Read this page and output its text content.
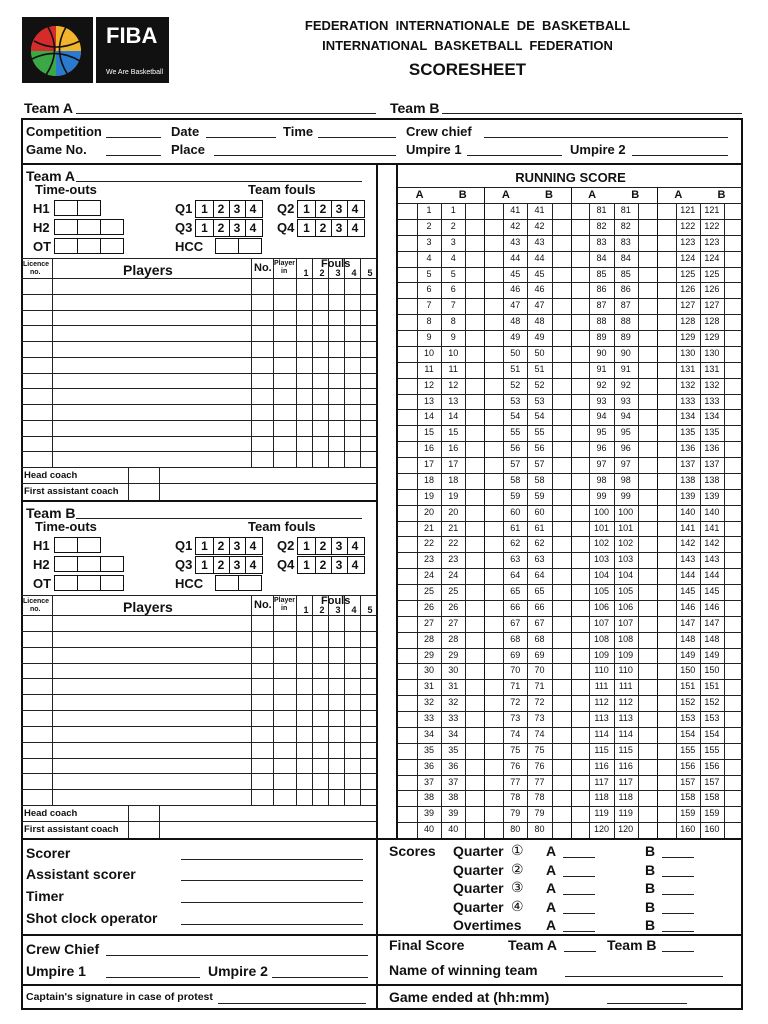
FIBA
We Are Basketball
FEDERATION  INTERNATIONALE  DE  BASKETBALL
INTERNATIONAL  BASKETBALL  FEDERATION
SCORESHEET
Team A	Team B
Competition	Date	Time	Crew chief
Game No.	Place	Umpire 1	Umpire 2
Team A
Time-outs	Team fouls
H1
H2
OT
Q1 1 2 3 4 Q2 1 2 3 4
Q3 1 2 3 4 Q4 1 2 3 4
HCC
Licence
no.	Players	No. Player
in
Fouls
1 2 3 4 5
Head coach
First assistant coach
Team B
Time-outs	Team fouls
H1
H2
OT
Q1 1 2 3 4 Q2 1 2 3 4
Q3 1 2 3 4 Q4 1 2 3 4
HCC
Licence
no.	Players	No. Player
in
Fouls
1 2 3 4 5
Head coach
First assistant coach
RUNNING SCORE
A	B
1	1
2	2
3	3
4	4
5	5
6	6
7	7
8	8
9	9
10	10
11	11
12	12
13	13
14	14
15	15
16	16
17	17
18	18
19	19
20	20
21	21
22	22
23	23
24	24
25	25
26	26
27	27
28	28
29	29
30	30
31	31
32	32
33	33
34	34
35	35
36	36
37	37
38	38
39	39
40	40
A	B
41	41
42	42
43	43
44	44
45	45
46	46
47	47
48	48
49	49
50	50
51	51
52	52
53	53
54	54
55	55
56	56
57	57
58	58
59	59
60	60
61	61
62	62
63	63
64	64
65	65
66	66
67	67
68	68
69	69
70	70
71	71
72	72
73	73
74	74
75	75
76	76
77	77
78	78
79	79
80	80
A	B
81	81
82	82
83	83
84	84
85	85
86	86
87	87
88	88
89	89
90	90
91	91
92	92
93	93
94	94
95	95
96	96
97	97
98	98
99	99
100	100
101	101
102	102
103	103
104	104
105	105
106	106
107	107
108	108
109	109
110	110
111	111
112	112
113	113
114	114
115	115
116	116
117	117
118	118
119	119
120	120
A	B
121	121
122	122
123	123
124	124
125	125
126	126
127	127
128	128
129	129
130	130
131	131
132	132
133	133
134	134
135	135
136	136
137	137
138	138
139	139
140	140
141	141
142	142
143	143
144	144
145	145
146	146
147	147
148	148
149	149
150	150
151	151
152	152
153	153
154	154
155	155
156	156
157	157
158	158
159	159
160	160
Scorer
Assistant scorer
Timer
Shot clock operator
Crew Chief
Umpire 1	Umpire 2
Captain's signature in case of protest
Scores Quarter ① A	B
Quarter ② A	B
Quarter ③ A	B
Quarter ④ A	B
Overtimes A	B
Final Score	Team A	Team B
Name of winning team
Game ended at (hh:mm)
